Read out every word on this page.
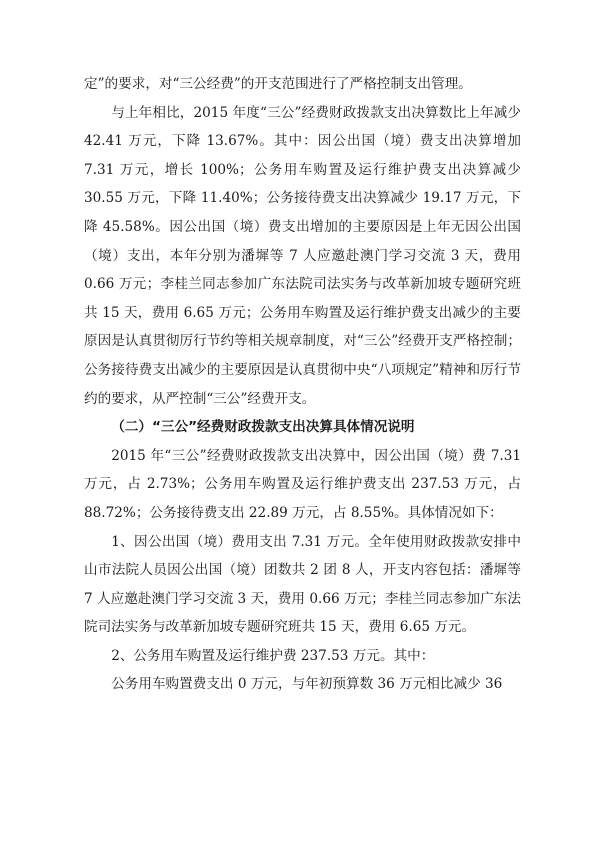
定”的要求，对“三公经费”的开支范围进行了严格控制支出管理。

与上年相比，2015 年度“三公”经费财政拨款支出决算数比上年减少 42.41 万元，下降 13.67%。其中：因公出国（境）费支出决算增加 7.31 万元，增长 100%；公务用车购置及运行维护费支出决算减少 30.55 万元，下降 11.40%；公务接待费支出决算减少 19.17 万元，下降 45.58%。因公出国（境）费支出增加的主要原因是上年无因公出国（境）支出，本年分别为潘墀等 7 人应邀赴澳门学习交流 3 天，费用 0.66 万元；李桂兰同志参加广东法院司法实务与改革新加坡专题研究班共 15 天，费用 6.65 万元；公务用车购置及运行维护费支出减少的主要原因是认真贯彻厉行节约等相关规章制度，对“三公”经费开支严格控制；公务接待费支出减少的主要原因是认真贯彻中央“八项规定”精神和厉行节约的要求，从严控制“三公”经费开支。

（二）“三公”经费财政拨款支出决算具体情况说明

2015 年“三公”经费财政拨款支出决算中，因公出国（境）费 7.31 万元，占 2.73%；公务用车购置及运行维护费支出 237.53 万元，占 88.72%；公务接待费支出 22.89 万元，占 8.55%。具体情况如下：

1、因公出国（境）费用支出 7.31 万元。全年使用财政拨款安排中山市法院人员因公出国（境）团数共 2 团 8 人，开支内容包括：潘墀等 7 人应邀赴澳门学习交流 3 天，费用 0.66 万元；李桂兰同志参加广东法院司法实务与改革新加坡专题研究班共 15 天，费用 6.65 万元。

2、公务用车购置及运行维护费 237.53 万元。其中：

公务用车购置费支出 0 万元，与年初预算数 36 万元相比减少 36
